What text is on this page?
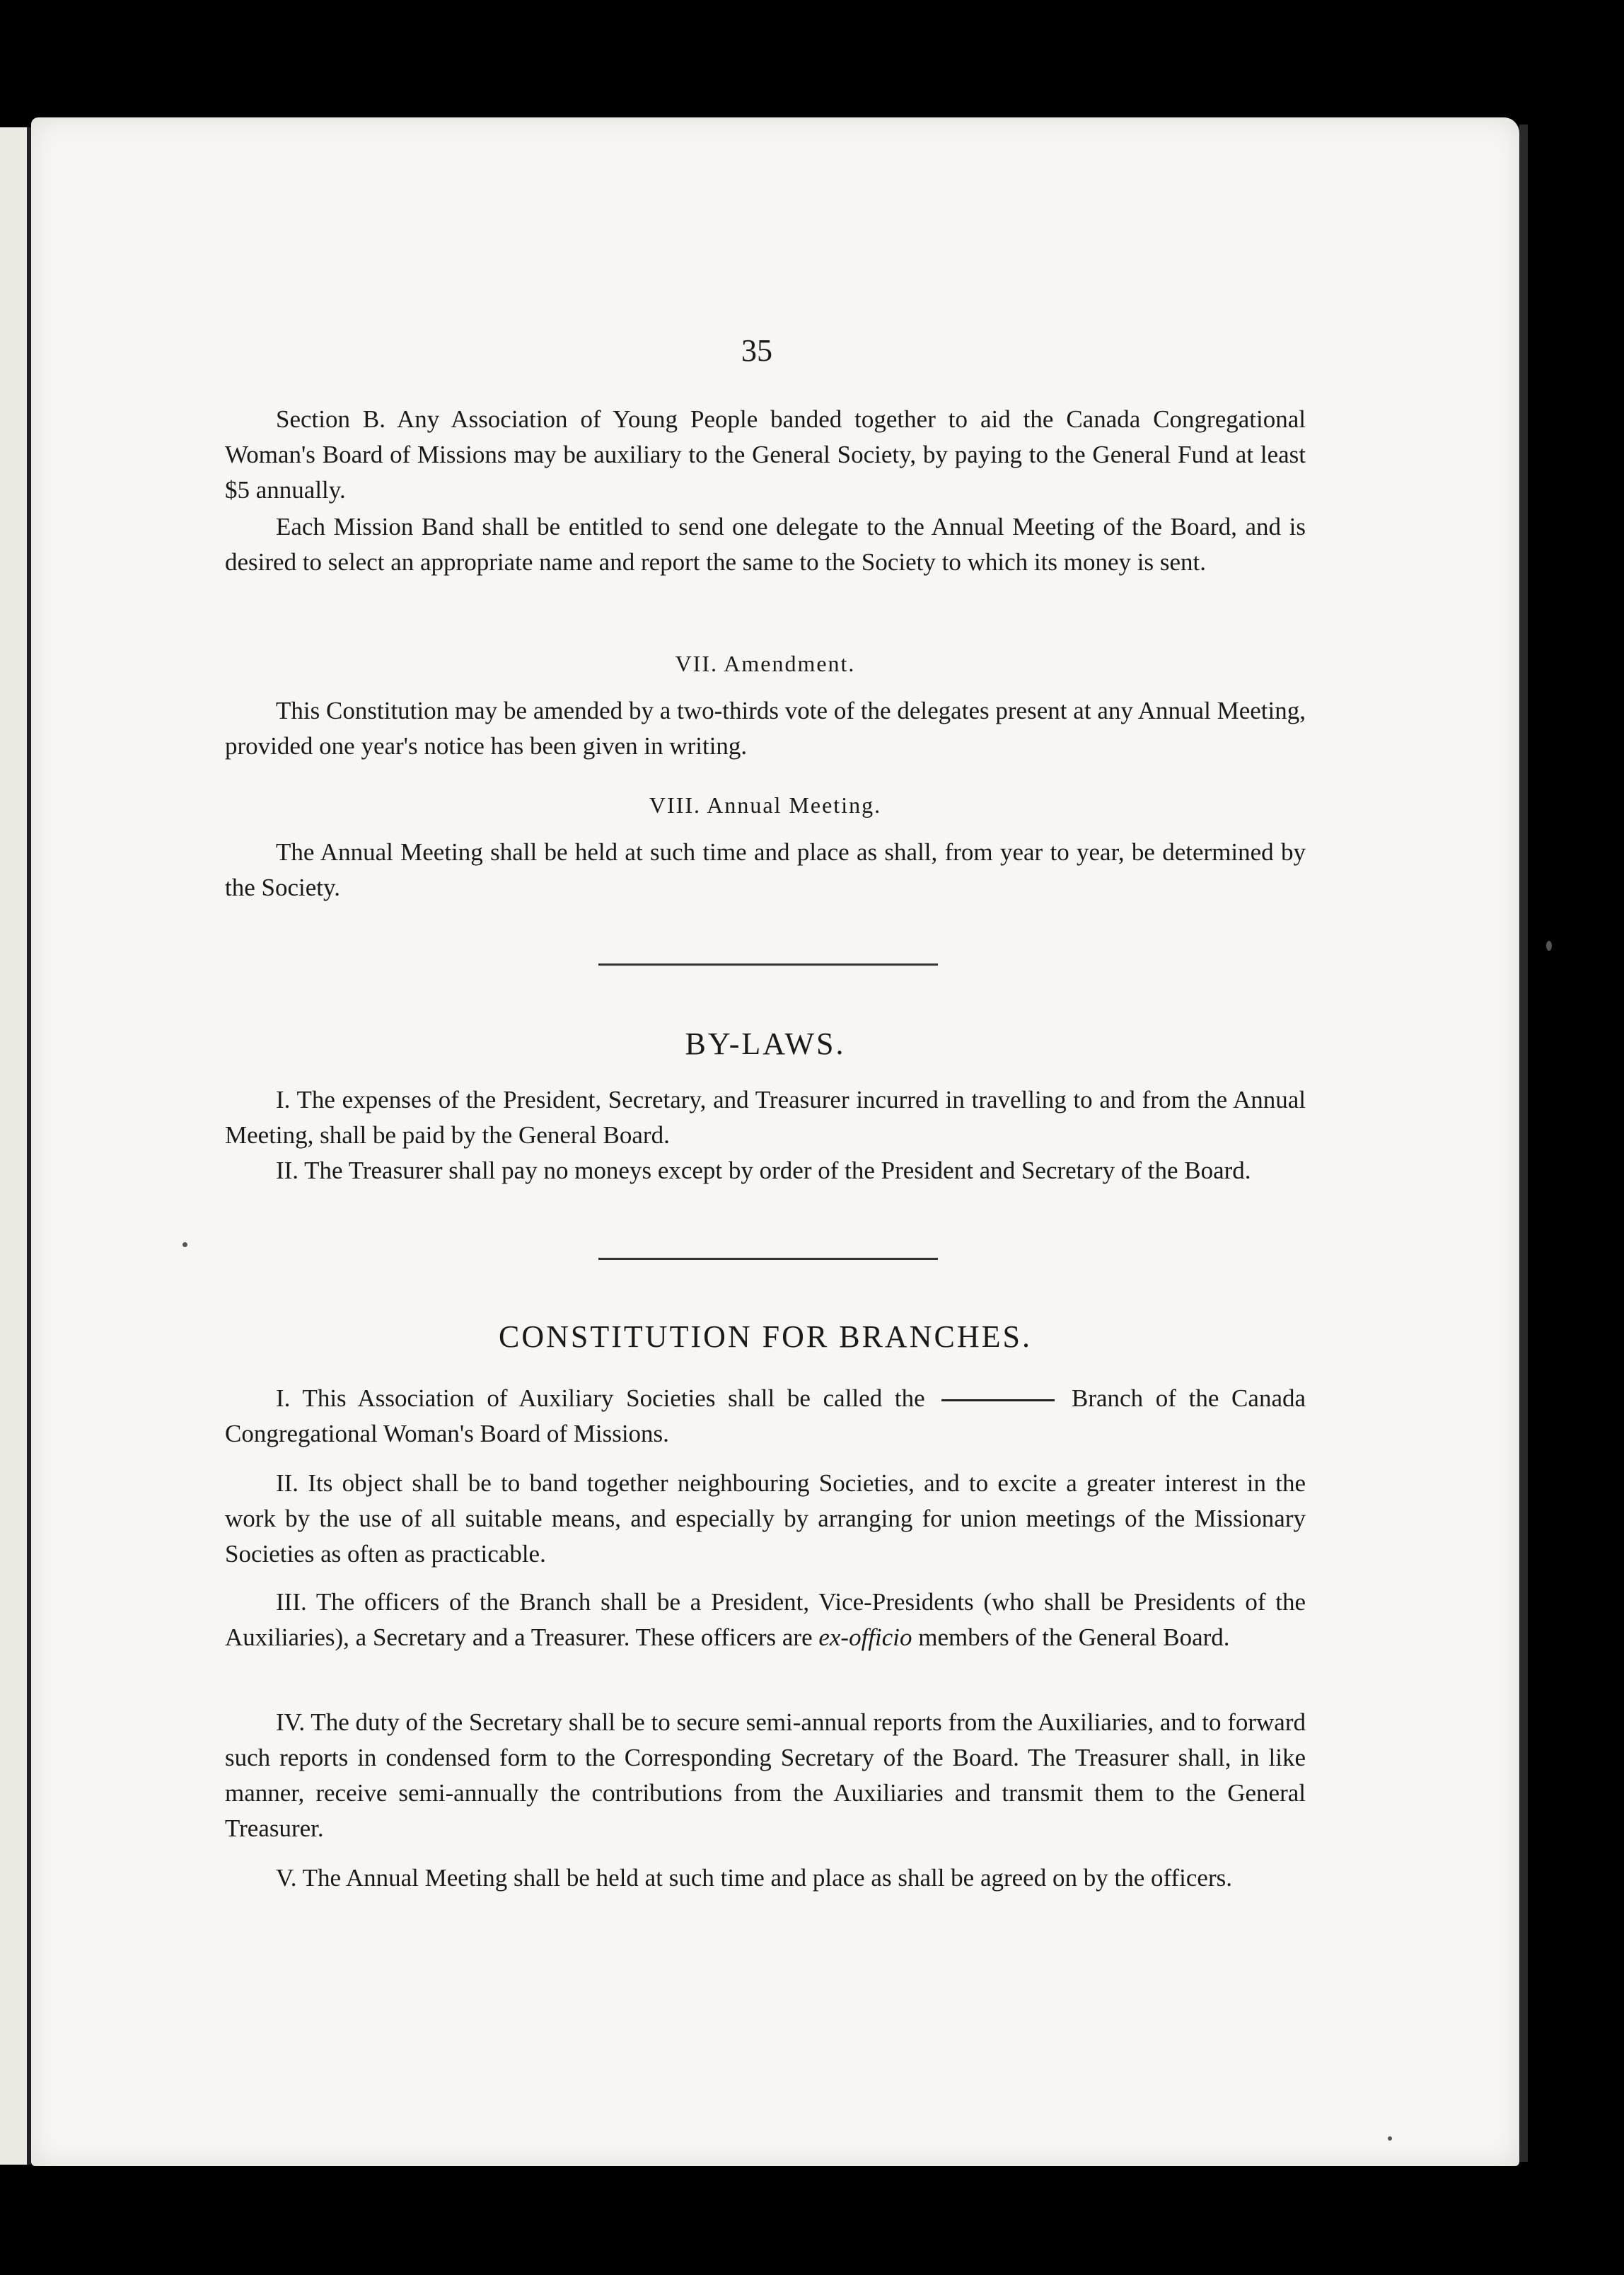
35

Section B. Any Association of Young People banded together to aid the Canada Congregational Woman's Board of Missions may be auxiliary to the General Society, by paying to the General Fund at least $5 annually.

Each Mission Band shall be entitled to send one delegate to the Annual Meeting of the Board, and is desired to select an appropriate name and report the same to the Society to which its money is sent.

VII. Amendment.

This Constitution may be amended by a two-thirds vote of the delegates present at any Annual Meeting, provided one year's notice has been given in writing.

VIII. Annual Meeting.

The Annual Meeting shall be held at such time and place as shall, from year to year, be determined by the Society.

BY-LAWS.

I. The expenses of the President, Secretary, and Treasurer incurred in travelling to and from the Annual Meeting, shall be paid by the General Board.

II. The Treasurer shall pay no moneys except by order of the President and Secretary of the Board.

CONSTITUTION FOR BRANCHES.

I. This Association of Auxiliary Societies shall be called the	Branch of the Canada Congregational Woman's Board of Missions.

II. Its object shall be to band together neighbouring Societies, and to excite a greater interest in the work by the use of all suitable means, and especially by arranging for union meetings of the Missionary Societies as often as practicable.

III. The officers of the Branch shall be a President, Vice-Presidents (who shall be Presidents of the Auxiliaries), a Secretary and a Treasurer. These officers are ex-officio members of the General Board.

IV. The duty of the Secretary shall be to secure semi-annual reports from the Auxiliaries, and to forward such reports in condensed form to the Corresponding Secretary of the Board. The Treasurer shall, in like manner, receive semi-annually the contributions from the Auxiliaries and transmit them to the General Treasurer.

V. The Annual Meeting shall be held at such time and place as shall be agreed on by the officers.
